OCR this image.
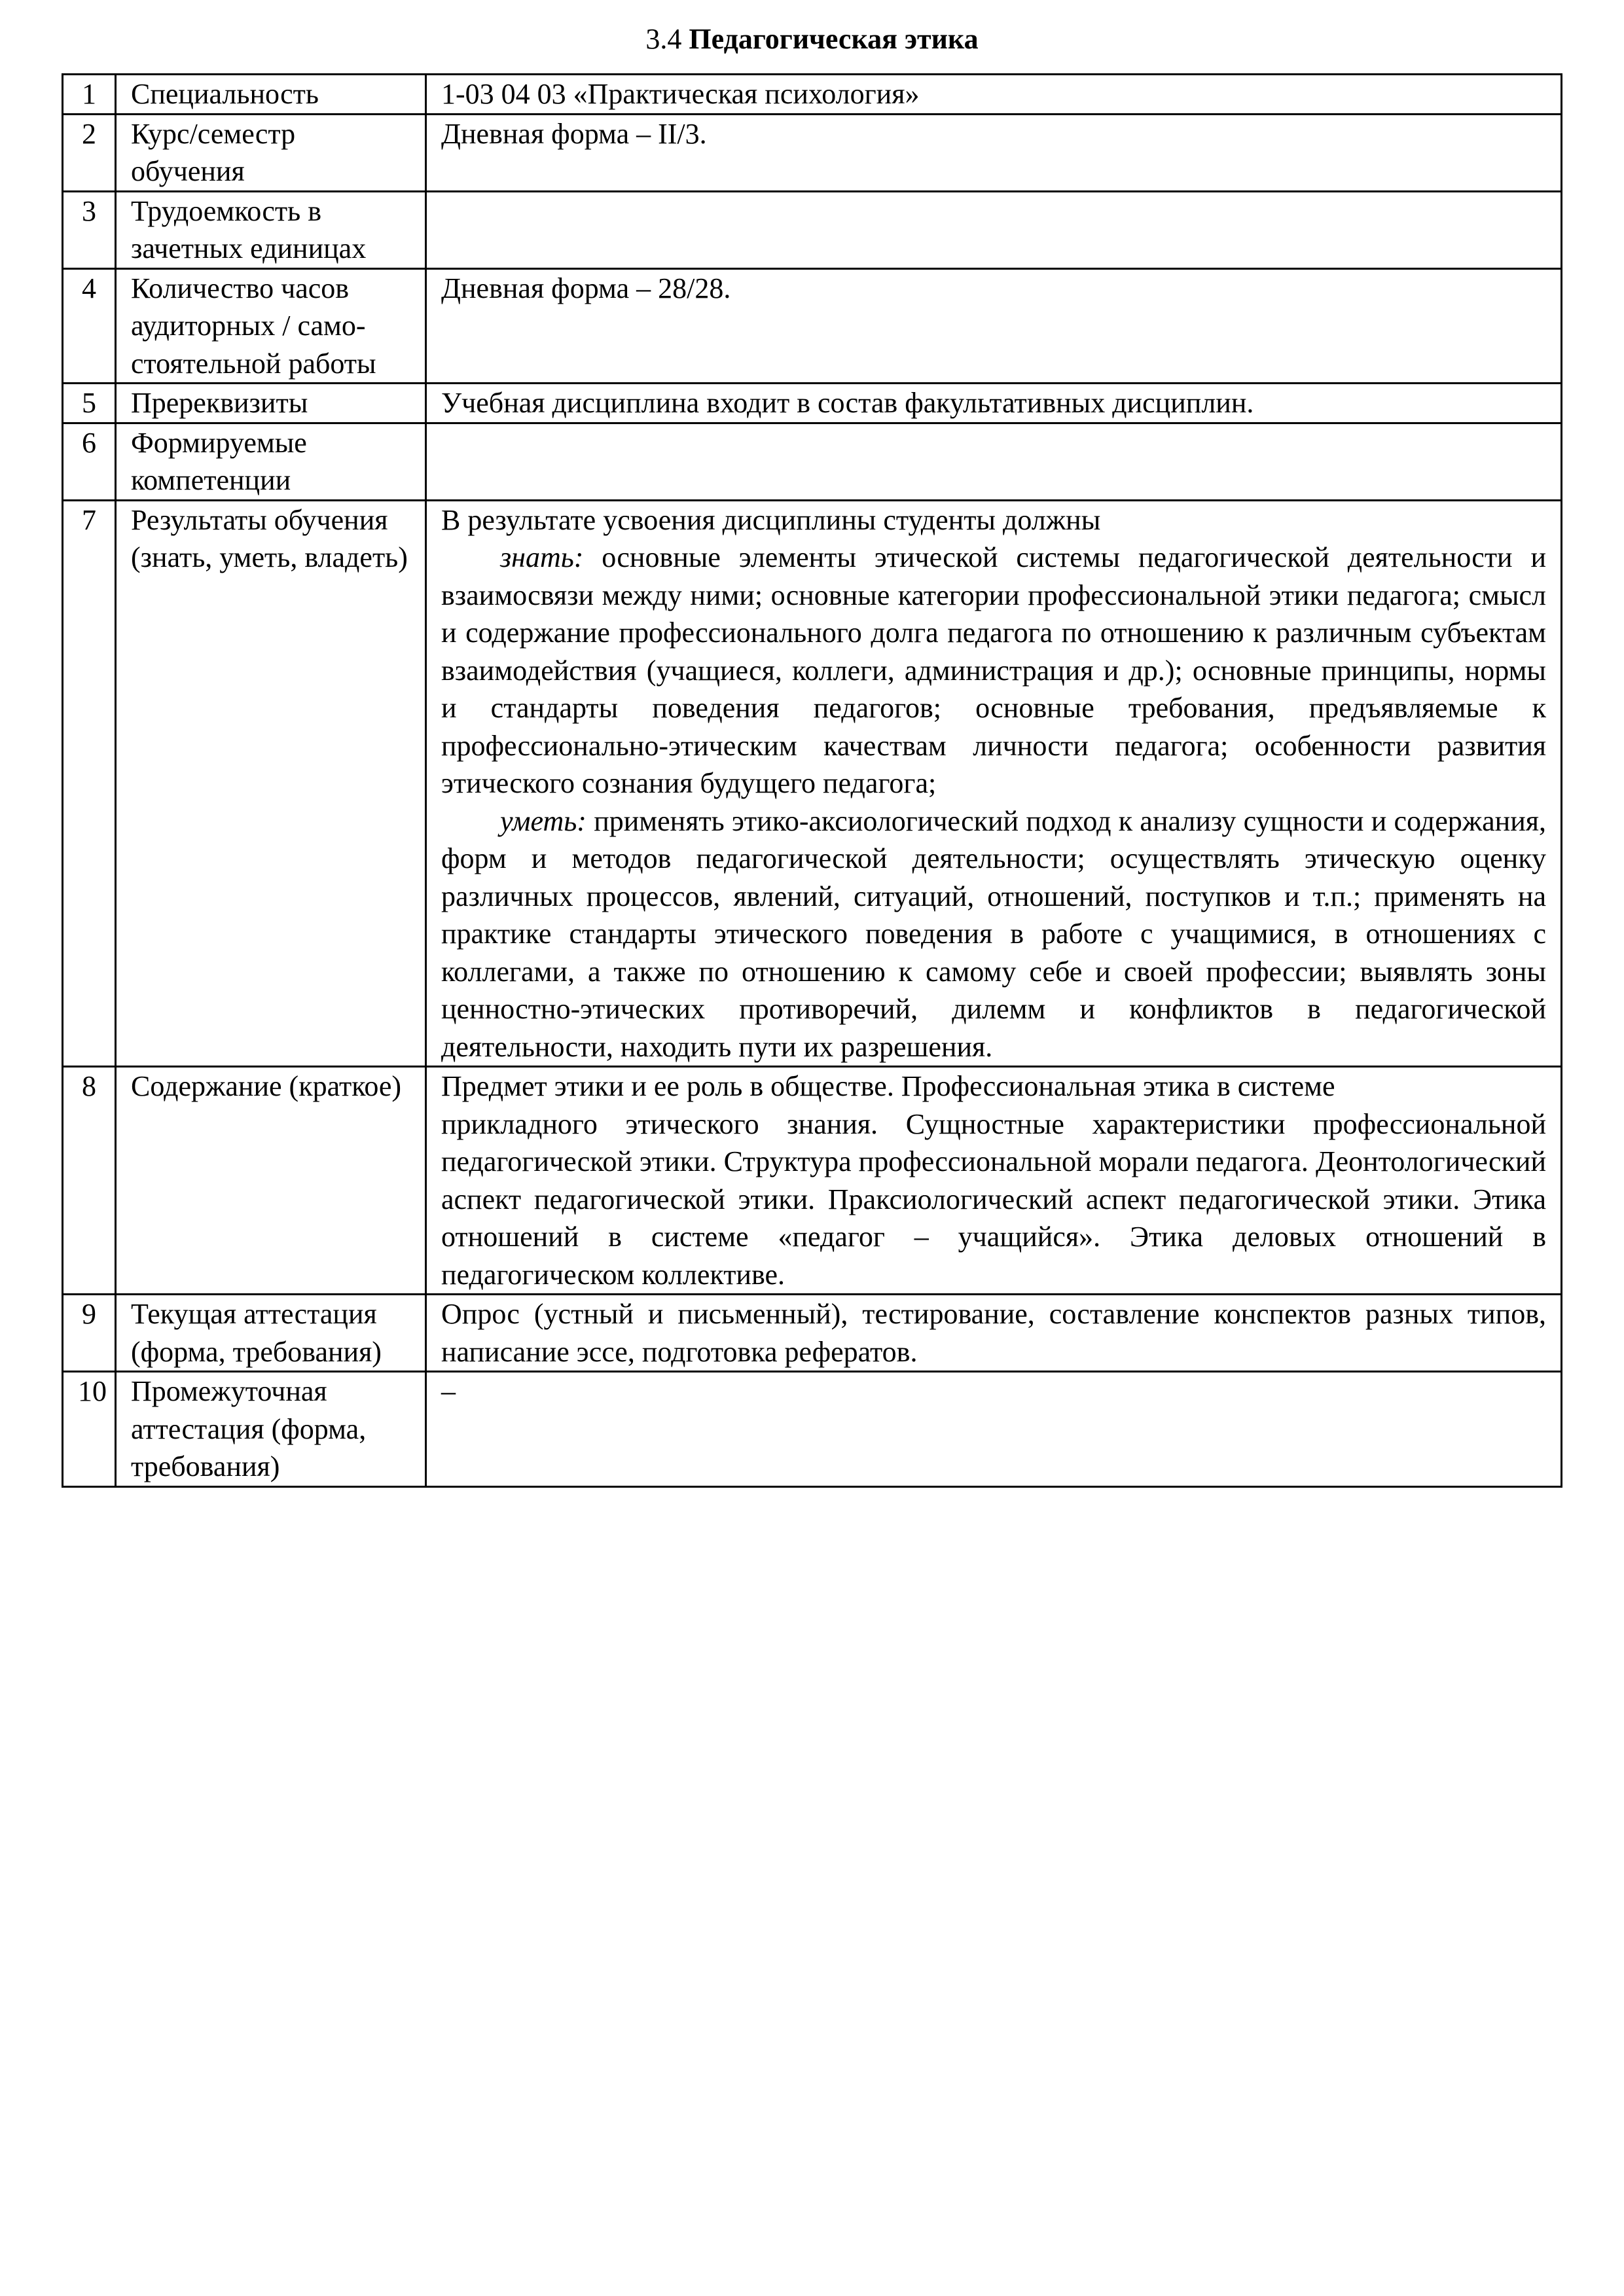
3.4 Педагогическая этика
1	Специальность	1-03 04 03 «Практическая психология»
2	Курс/семестр обучения	Дневная форма – II/3.
3	Трудоемкость в зачетных единицах	
4	Количество часов аудиторных / само-стоятельной работы	Дневная форма – 28/28.
5	Пререквизиты	Учебная дисциплина входит в состав факультативных дисциплин.
6	Формируемые компетенции	
7	Результаты обучения (знать, уметь, владеть)	В результате усвоения дисциплины студенты должны
знать: основные элементы этической системы педагогической деятельности и взаимосвязи между ними; основные категории профессиональной этики педагога; смысл и содержание профессионального долга педагога по отношению к различным субъектам взаимодействия (учащиеся, коллеги, администрация и др.); основные принципы, нормы и стандарты поведения педагогов; основные требования, предъявляемые к профессионально-этическим качествам личности педагога; особенности развития этического сознания будущего педагога;
уметь: применять этико-аксиологический подход к анализу сущности и содержания, форм и методов педагогической деятельности; осуществлять этическую оценку различных процессов, явлений, ситуаций, отношений, поступков и т.п.; применять на практике стандарты этического поведения в работе с учащимися, в отношениях с коллегами, а также по отношению к самому себе и своей профессии; выявлять зоны ценностно-этических противоречий, дилемм и конфликтов в педагогической деятельности, находить пути их разрешения.

8	Содержание (краткое)	Предмет этики и ее роль в обществе. Профессиональная этика в системе
прикладного этического знания. Сущностные характеристики профессиональной педагогической этики. Структура профессиональной морали педагога. Деонтологический аспект педагогической этики. Праксиологический аспект педагогической этики. Этика отношений в системе «педагог – учащийся». Этика деловых отношений в педагогическом коллективе.

9	Текущая аттестация (форма, требования)	Опрос (устный и письменный), тестирование, составление конспектов разных типов, написание эссе, подготовка рефератов.
10	Промежуточная аттестация (форма, требования)	–
